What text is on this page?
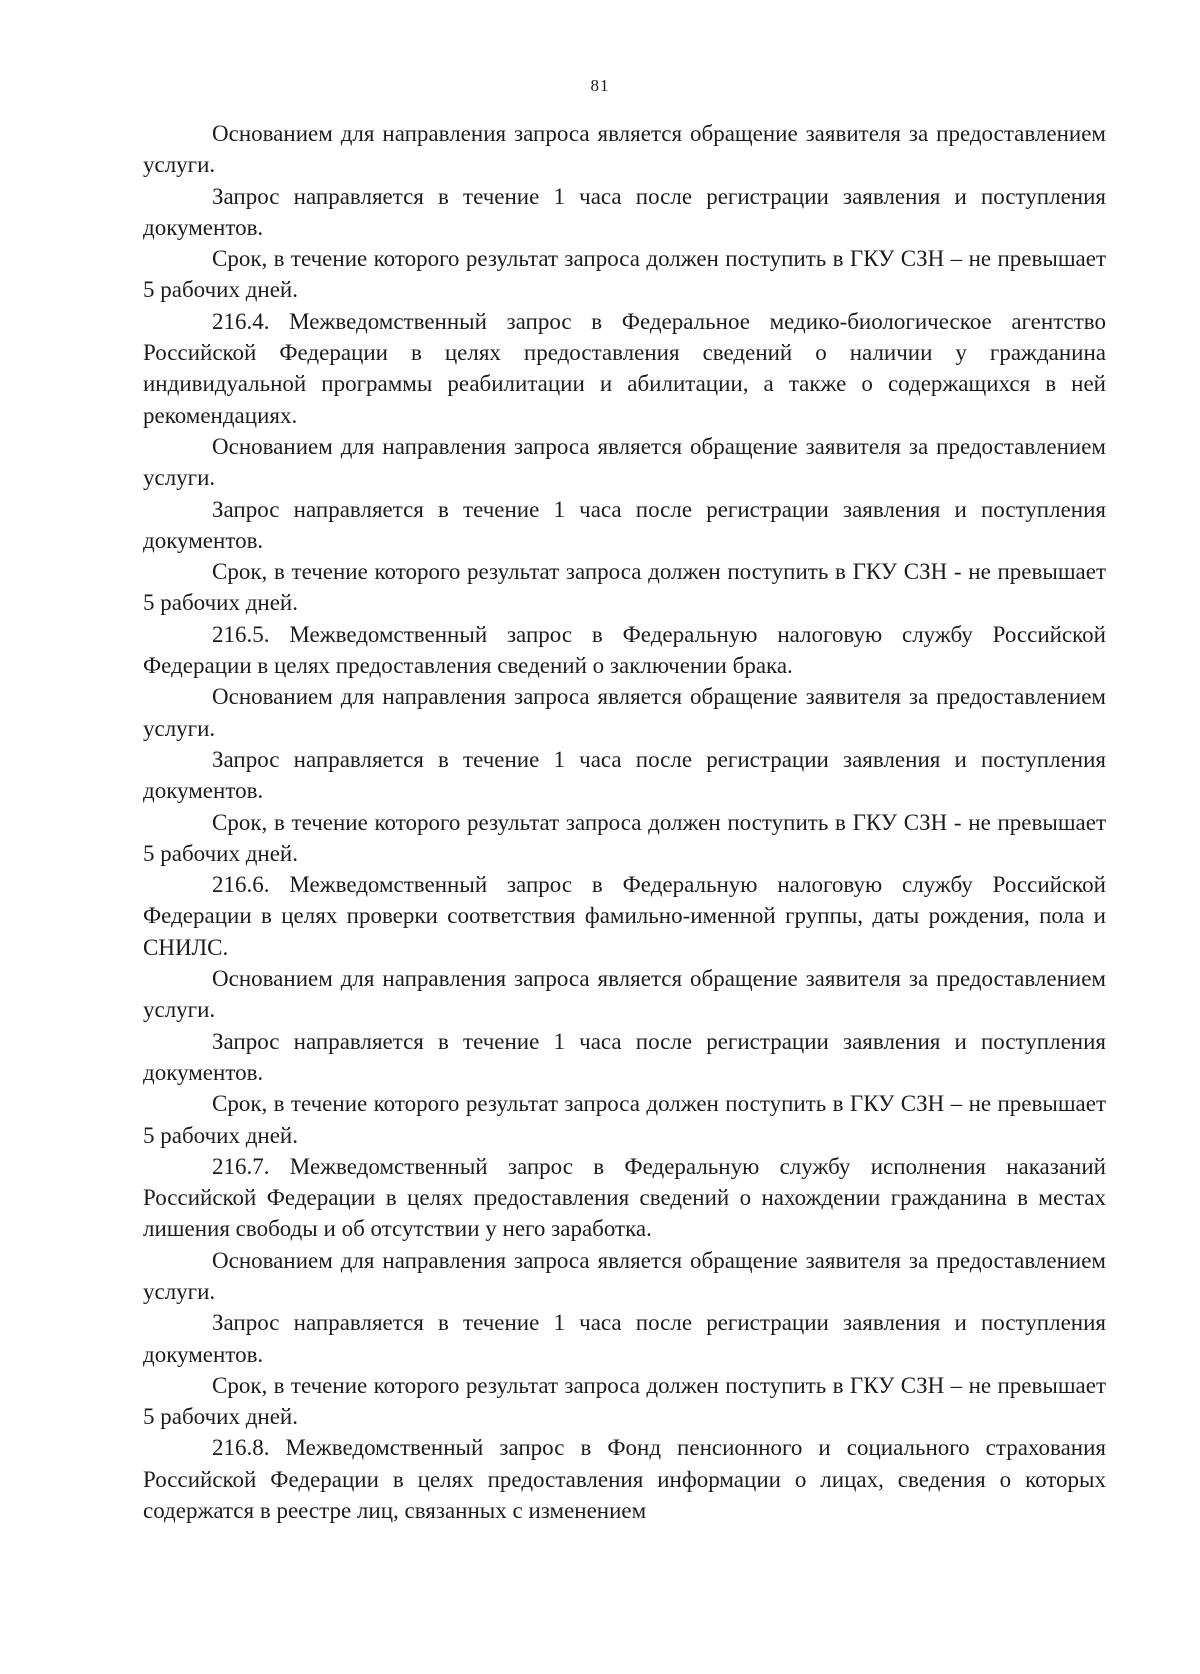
81

Основанием для направления запроса является обращение заявителя за предоставлением услуги.

Запрос направляется в течение 1 часа после регистрации заявления и поступления документов.

Срок, в течение которого результат запроса должен поступить в ГКУ СЗН – не превышает 5 рабочих дней.

216.4. Межведомственный запрос в Федеральное медико-биологическое агентство Российской Федерации в целях предоставления сведений о наличии у гражданина индивидуальной программы реабилитации и абилитации, а также о содержащихся в ней рекомендациях.

Основанием для направления запроса является обращение заявителя за предоставлением услуги.

Запрос направляется в течение 1 часа после регистрации заявления и поступления документов.

Срок, в течение которого результат запроса должен поступить в ГКУ СЗН - не превышает 5 рабочих дней.

216.5. Межведомственный запрос в Федеральную налоговую службу Российской Федерации в целях предоставления сведений о заключении брака.

Основанием для направления запроса является обращение заявителя за предоставлением услуги.

Запрос направляется в течение 1 часа после регистрации заявления и поступления документов.

Срок, в течение которого результат запроса должен поступить в ГКУ СЗН - не превышает 5 рабочих дней.

216.6. Межведомственный запрос в Федеральную налоговую службу Российской Федерации в целях проверки соответствия фамильно-именной группы, даты рождения, пола и СНИЛС.

Основанием для направления запроса является обращение заявителя за предоставлением услуги.

Запрос направляется в течение 1 часа после регистрации заявления и поступления документов.

Срок, в течение которого результат запроса должен поступить в ГКУ СЗН – не превышает 5 рабочих дней.

216.7. Межведомственный запрос в Федеральную службу исполнения наказаний Российской Федерации в целях предоставления сведений о нахождении гражданина в местах лишения свободы и об отсутствии у него заработка.

Основанием для направления запроса является обращение заявителя за предоставлением услуги.

Запрос направляется в течение 1 часа после регистрации заявления и поступления документов.

Срок, в течение которого результат запроса должен поступить в ГКУ СЗН – не превышает 5 рабочих дней.

216.8. Межведомственный запрос в Фонд пенсионного и социального страхования Российской Федерации в целях предоставления информации о лицах, сведения о которых содержатся в реестре лиц, связанных с изменением
